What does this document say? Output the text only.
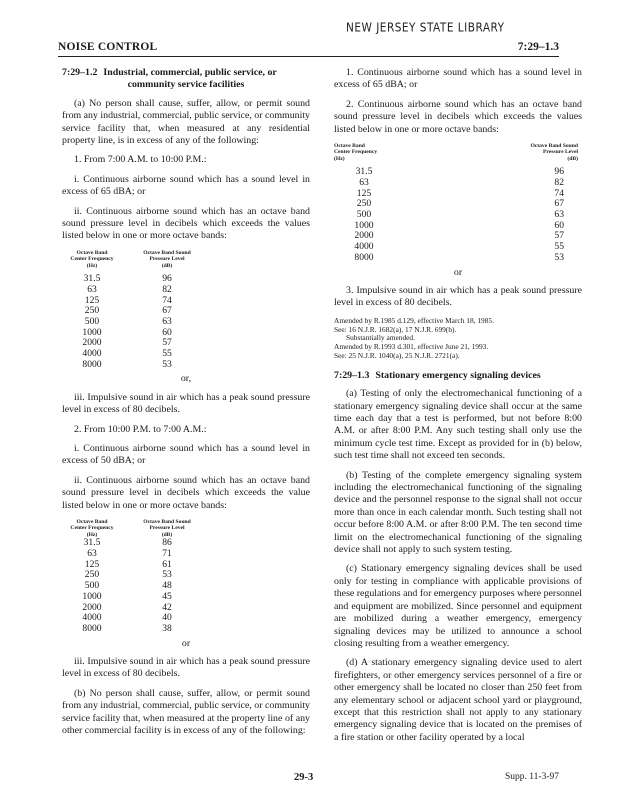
NEW JERSEY STATE LIBRARY
NOISE CONTROL	7:29–1.3
7:29–1.2 Industrial, commercial, public service, or
community service facilities

(a) No person shall cause, suffer, allow, or permit sound from any industrial, commercial, public service, or community service facility that, when measured at any residential property line, is in excess of any of the following:

1. From 7:00 A.M. to 10:00 P.M.:

i. Continuous airborne sound which has a sound level in excess of 65 dBA; or

ii. Continuous airborne sound which has an octave band sound pressure level in decibels which exceeds the values listed below in one or more octave bands:

Octave Band
Center Frequency
(Hz)	Octave Band Sound
Pressure Level
(dB)

31.5	96
63	82
125	74
250	67
500	63
1000	60
2000	57
4000	55
8000	53
or,

iii. Impulsive sound in air which has a peak sound pressure level in excess of 80 decibels.

2. From 10:00 P.M. to 7:00 A.M.:

i. Continuous airborne sound which has a sound level in excess of 50 dBA; or

ii. Continuous airborne sound which has an octave band sound pressure level in decibels which exceeds the value listed below in one or more octave bands:

Octave Band
Center Frequency
(Hz)	Octave Band Sound
Pressure Level
(dB)
31.5	86
63	71
125	61
250	53
500	48
1000	45
2000	42
4000	40
8000	38
or

iii. Impulsive sound in air which has a peak sound pressure level in excess of 80 decibels.

(b) No person shall cause, suffer, allow, or permit sound from any industrial, commercial, public service, or community service facility that, when measured at the property line of any other commercial facility is in excess of any of the following:

1. Continuous airborne sound which has a sound level in excess of 65 dBA; or

2. Continuous airborne sound which has an octave band sound pressure level in decibels which exceeds the values listed below in one or more octave bands:

Octave Band
Center Frequency
(Hz)	Octave Band Sound
Pressure Level
(dB)

31.5	96
63	82
125	74
250	67
500	63
1000	60
2000	57
4000	55
8000	53
or

3. Impulsive sound in air which has a peak sound pressure level in excess of 80 decibels.

Amended by R.1985 d.129, effective March 18, 1985.
See: 16 N.J.R. 1682(a), 17 N.J.R. 699(b).
Substantially amended.
Amended by R.1993 d.301, effective June 21, 1993.
See: 25 N.J.R. 1040(a), 25 N.J.R. 2721(a).
7:29–1.3 Stationary emergency signaling devices

(a) Testing of only the electromechanical functioning of a stationary emergency signaling device shall occur at the same time each day that a test is performed, but not before 8:00 A.M. or after 8:00 P.M. Any such testing shall only use the minimum cycle test time. Except as provided for in (b) below, such test time shall not exceed ten seconds.

(b) Testing of the complete emergency signaling system including the electromechanical functioning of the signaling device and the personnel response to the signal shall not occur more than once in each calendar month. Such testing shall not occur before 8:00 A.M. or after 8:00 P.M. The ten second time limit on the electromechanical functioning of the signaling device shall not apply to such system testing.

(c) Stationary emergency signaling devices shall be used only for testing in compliance with applicable provisions of these regulations and for emergency purposes where personnel and equipment are mobilized. Since personnel and equipment are mobilized during a weather emergency, emergency signaling devices may be utilized to announce a school closing resulting from a weather emergency.

(d) A stationary emergency signaling device used to alert firefighters, or other emergency services personnel of a fire or other emergency shall be located no closer than 250 feet from any elementary school or adjacent school yard or playground, except that this restriction shall not apply to any stationary emergency signaling device that is located on the premises of a fire station or other facility operated by a local

29-3	Supp. 11-3-97
